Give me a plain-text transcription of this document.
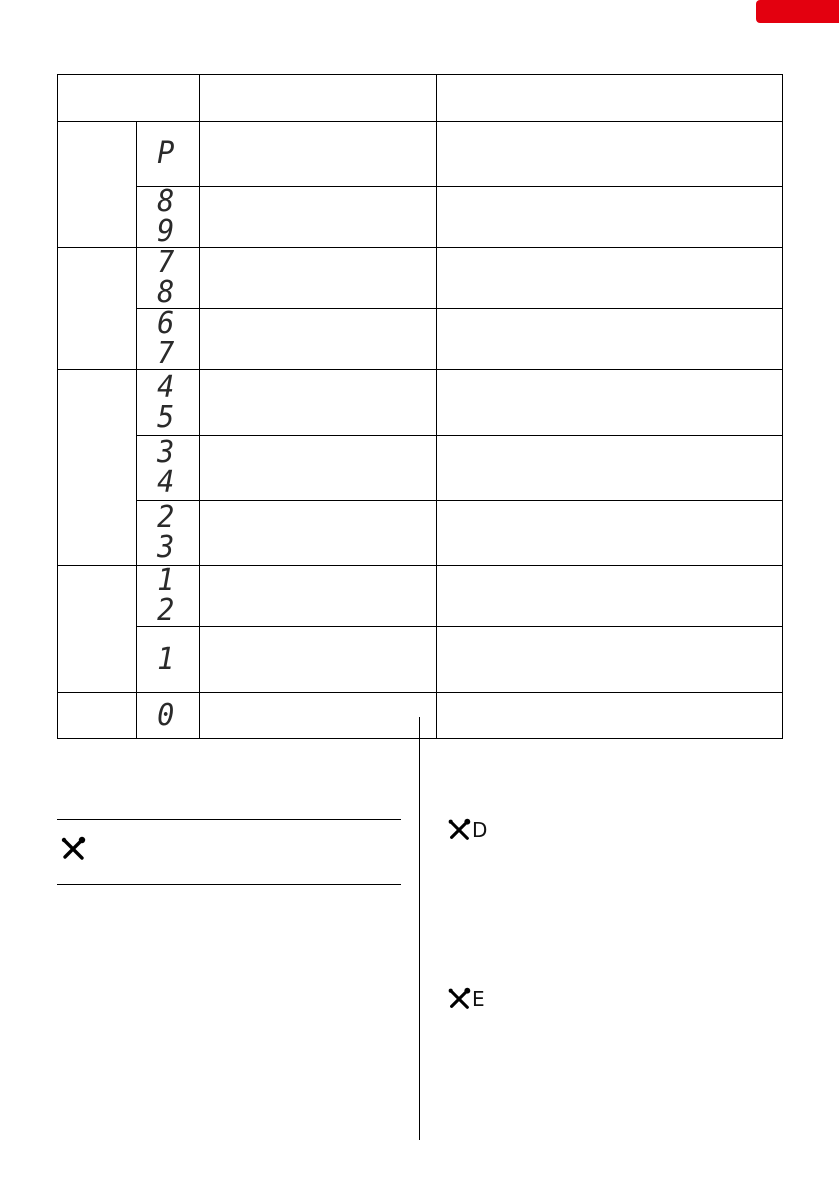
	P		
	8 9		
	7 8		
	6 7		
	4 5		
	3 4		
	2 3		
	1 2		
	1		
	0		
D
E
